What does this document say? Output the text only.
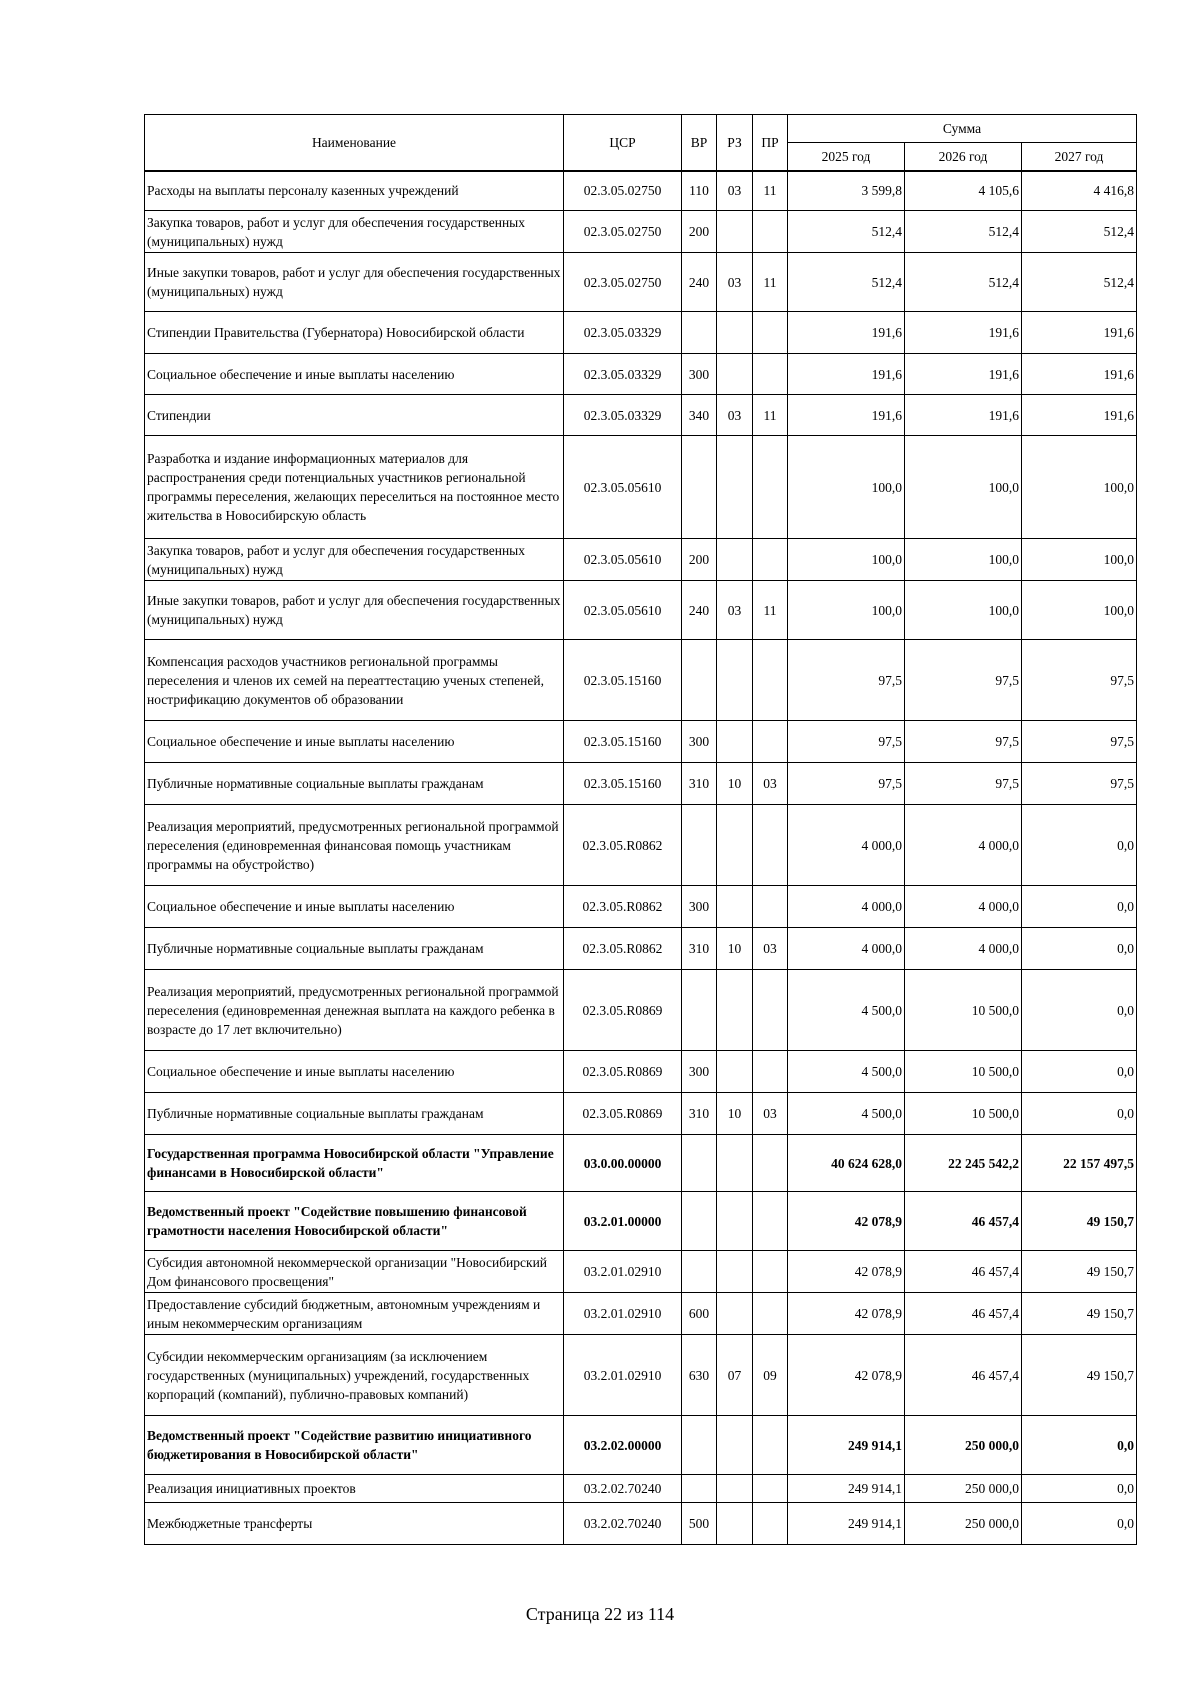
Наименование	ЦСР	ВР	РЗ	ПР	Сумма		
					2025 год	2026 год	2027 год
Расходы на выплаты персоналу казенных учреждений	02.3.05.02750	110	03	11	3 599,8	4 105,6	4 416,8
Закупка товаров, работ и услуг для обеспечения государственных (муниципальных) нужд	02.3.05.02750	200			512,4	512,4	512,4
Иные закупки товаров, работ и услуг для обеспечения государственных (муниципальных) нужд	02.3.05.02750	240	03	11	512,4	512,4	512,4
Стипендии Правительства (Губернатора) Новосибирской области	02.3.05.03329				191,6	191,6	191,6
Социальное обеспечение и иные выплаты населению	02.3.05.03329	300			191,6	191,6	191,6
Стипендии	02.3.05.03329	340	03	11	191,6	191,6	191,6
Разработка и издание информационных материалов для распространения среди потенциальных участников региональной программы переселения, желающих переселиться на постоянное место жительства в Новосибирскую область	02.3.05.05610				100,0	100,0	100,0
Закупка товаров, работ и услуг для обеспечения государственных (муниципальных) нужд	02.3.05.05610	200			100,0	100,0	100,0
Иные закупки товаров, работ и услуг для обеспечения государственных (муниципальных) нужд	02.3.05.05610	240	03	11	100,0	100,0	100,0
Компенсация расходов участников региональной программы переселения и членов их семей на переаттестацию ученых степеней, нострификацию документов об образовании	02.3.05.15160				97,5	97,5	97,5
Социальное обеспечение и иные выплаты населению	02.3.05.15160	300			97,5	97,5	97,5
Публичные нормативные социальные выплаты гражданам	02.3.05.15160	310	10	03	97,5	97,5	97,5
Реализация мероприятий, предусмотренных региональной программой переселения (единовременная финансовая помощь участникам программы на обустройство)	02.3.05.R0862				4 000,0	4 000,0	0,0
Социальное обеспечение и иные выплаты населению	02.3.05.R0862	300			4 000,0	4 000,0	0,0
Публичные нормативные социальные выплаты гражданам	02.3.05.R0862	310	10	03	4 000,0	4 000,0	0,0
Реализация мероприятий, предусмотренных региональной программой переселения (единовременная денежная выплата на каждого ребенка в возрасте до 17 лет включительно)	02.3.05.R0869				4 500,0	10 500,0	0,0
Социальное обеспечение и иные выплаты населению	02.3.05.R0869	300			4 500,0	10 500,0	0,0
Публичные нормативные социальные выплаты гражданам	02.3.05.R0869	310	10	03	4 500,0	10 500,0	0,0
Государственная программа Новосибирской области "Управление финансами в Новосибирской области"	03.0.00.00000				40 624 628,0	22 245 542,2	22 157 497,5
Ведомственный проект "Содействие повышению финансовой грамотности населения Новосибирской области"	03.2.01.00000				42 078,9	46 457,4	49 150,7
Субсидия автономной некоммерческой организации "Новосибирский Дом финансового просвещения"	03.2.01.02910				42 078,9	46 457,4	49 150,7
Предоставление субсидий бюджетным, автономным учреждениям и иным некоммерческим организациям	03.2.01.02910	600			42 078,9	46 457,4	49 150,7
Субсидии некоммерческим организациям (за исключением государственных (муниципальных) учреждений, государственных корпораций (компаний), публично-правовых компаний)	03.2.01.02910	630	07	09	42 078,9	46 457,4	49 150,7
Ведомственный проект "Содействие развитию инициативного бюджетирования в Новосибирской области"	03.2.02.00000				249 914,1	250 000,0	0,0
Реализация инициативных проектов	03.2.02.70240				249 914,1	250 000,0	0,0
Межбюджетные трансферты	03.2.02.70240	500			249 914,1	250 000,0	0,0
Страница 22 из 114
